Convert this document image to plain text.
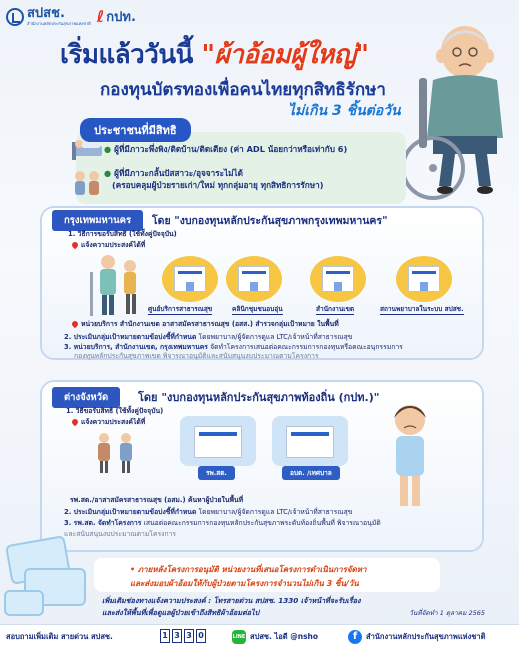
สปสช.
สำนักงานหลักประกันสุขภาพแห่งชาติ ℓ กปท.
เริ่มแล้ววันนี้ "ผ้าอ้อมผู้ใหญ่"
กองทุนบัตรทองเพื่อคนไทยทุกสิทธิรักษา
ไม่เกิน 3 ชิ้นต่อวัน
ประชาชนที่มีสิทธิ
● ผู้ที่มีภาวะพึ่งพิง/ติดบ้าน/ติดเตียง (ค่า ADL น้อยกว่าหรือเท่ากับ 6)
● ผู้ที่มีภาวะกลั้นปัสสาวะ/อุจจาระไม่ได้
(ครอบคลุมผู้ป่วยรายเก่า/ใหม่ ทุกกลุ่มอายุ ทุกสิทธิการรักษา)
กรุงเทพมหานคร	โดย "งบกองทุนหลักประกันสุขภาพกรุงเทพมหานคร"
1. วิธีการขอรับสิทธิ (ใช้ทั้งคู่ปัจจุบัน)
แจ้งความประสงค์ได้ที่
ศูนย์บริการสาธารณสุข	คลินิกชุมชนอบอุ่น	สำนักงานเขต	สถานพยาบาลในระบบ สปสช.
หน่วยบริการ สำนักงานเขต อาสาสมัครสาธารณสุข (อสส.) สำรวจกลุ่มเป้าหมาย ในพื้นที่
2. ประเมินกลุ่มเป้าหมายตามข้อบ่งชี้ที่กำหนด โดยพยาบาล/ผู้จัดการดูแล LTC/เจ้าหน้าที่สาธารณสุข
3. หน่วยบริการ, สำนักงานเขต, กรุงเทพมหานคร จัดทำโครงการเสนอต่อคณะกรรมการกองทุนหรือคณะอนุกรรมการ
กองทุนหลักประกันสุขภาพเขต พิจารณาอนุมัติและสนับสนุนงบประมาณตามโครงการ
ต่างจังหวัด	โดย "งบกองทุนหลักประกันสุขภาพท้องถิ่น (กปท.)"
1. วิธีขอรับสิทธิ (ใช้ทั้งคู่ปัจจุบัน)
แจ้งความประสงค์ได้ที่
รพ.สต.	อบต. /เทศบาล
รพ.สต./อาสาสมัครสาธารณสุข (อสม.) ค้นหาผู้ป่วยในพื้นที่
2. ประเมินกลุ่มเป้าหมายตามข้อบ่งชี้ที่กำหนด โดยพยาบาล/ผู้จัดการดูแล LTC/เจ้าหน้าที่สาธารณสุข
3. รพ.สต. จัดทำโครงการ เสนอต่อคณะกรรมการกองทุนหลักประกันสุขภาพระดับท้องถิ่นพื้นที่ พิจารณาอนุมัติ
และสนับสนุนงบประมาณตามโครงการ
• ภายหลังโครงการอนุมัติ หน่วยงานที่เสนอโครงการดำเนินการจัดหา
และส่งมอบผ้าอ้อมให้กับผู้ป่วยตามโครงการจำนวนไม่เกิน 3 ชิ้น/วัน
เพิ่มเติมช่องทางแจ้งความประสงค์ : โทรสายด่วน สปสช. 1330 เจ้าหน้าที่จะรับเรื่อง
และส่งให้พื้นที่เพื่อดูแลผู้ป่วยเข้าถึงสิทธิผ้าอ้อมต่อไป	วันที่จัดทำ 1 ตุลาคม 2565
สอบถามเพิ่มเติม สายด่วน สปสช.	1 3 3 0	LINE สปสช. ไอดี @nsho	f	สำนักงานหลักประกันสุขภาพแห่งชาติ
